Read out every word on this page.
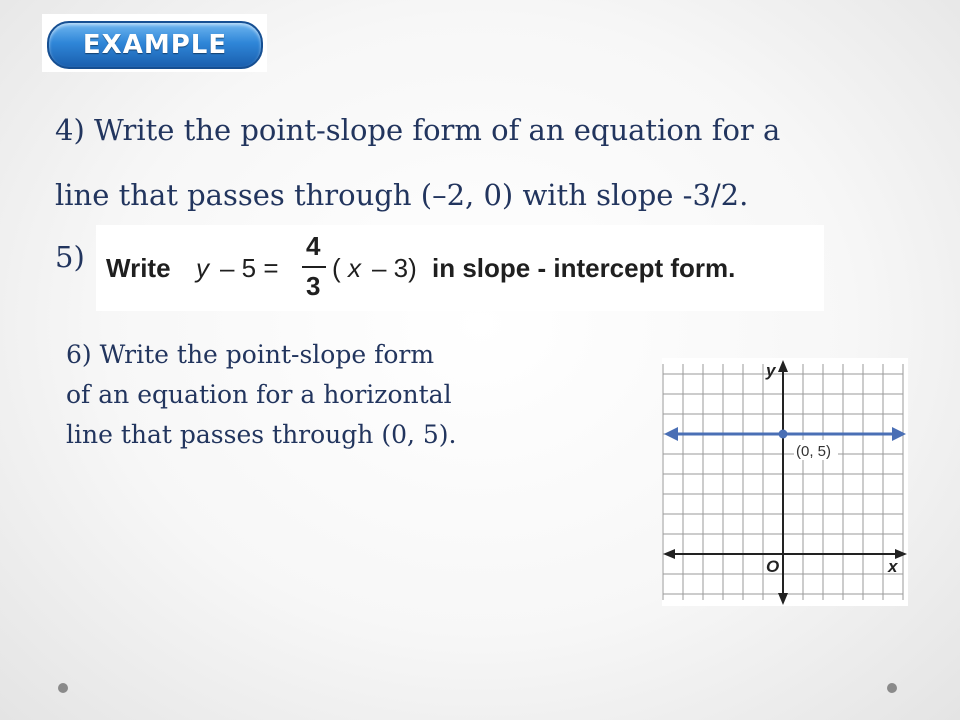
EXAMPLE
4) Write the point-slope form of an equation for a
line that passes through (–2, 0) with slope -3/2.
5) Write y – 5 =
4
3
( x – 3) in slope - intercept form.
6) Write the point-slope form
of an equation for a horizontal
line that passes through (0, 5).
(0, 5)
y
x
O
